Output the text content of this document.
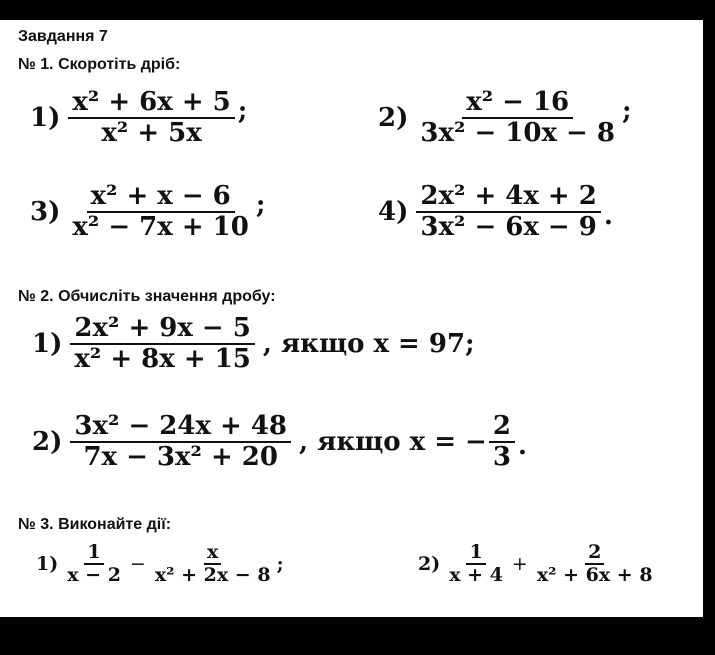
Завдання 7
№ 1. Скоротіть дріб:
$1) \frac{\text{x² + 6x + 5}}{\text{x² + 5x}}$ ;	$2) \frac{\text{x² − 16}}{\text{3x² − 10x − 8}}$ ;
$3) \frac{\text{x² + x − 6}}{\text{x² − 7x + 10}}$ ;	$4) \frac{\text{2x² + 4x + 2}}{\text{3x² − 6x − 9}}$ .
№ 2. Обчисліть значення дробу:
$1) \frac{\text{2x² + 9x − 5}}{\text{x² + 8x + 15}}$ , якщо x = 97;
$2) \frac{\text{3x² − 24x + 48}}{\text{7x − 3x² + 20}}$ , якщо x = − $\frac{2}{3}$ .
№ 3. Виконайте дії:
$1) \frac{1}{x - 2} - \frac{x}{\text{x² + 2x − 8}}$ ;	$2) \frac{1}{x + 4} + \frac{2}{\text{x² + 6x + 8}}$
